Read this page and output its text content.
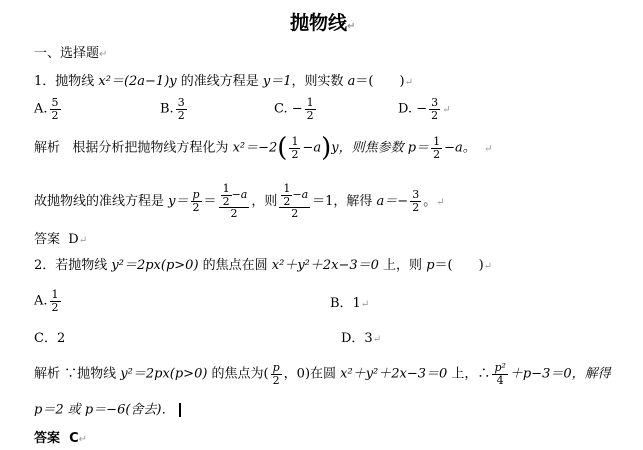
抛物线↵
一、选择题↵
1．抛物线 x²＝(2a−1)y 的准线方程是 y＝1，则实数 a＝(　　)↵
A. $\frac{5}{2}$	B. $\frac{3}{2}$	C. − $\frac{1}{2}$	D. − $\frac{3}{2}$ ↵
解析 根据分析把抛物线方程化为 $x^2=-2( \frac{1}{2} -a)y$，则焦参数 $p= \frac{1}{2} -a$。 ↵
故抛物线的准线方程是 $y= \frac{p}{2} = \frac{\frac{1}{2} -a}{2}$ ，则 $\frac{\frac{1}{2} -a}{2} =1$，解得 $a=- \frac{3}{2}$ 。↵
答案 D↵
2．若抛物线 y²＝2px(p>0) 的焦点在圆 x²＋y²＋2x−3＝0 上，则 p＝(　　)↵
A. $\frac{1}{2}$	B．1↵
C．2	D．3↵
解析 ∵抛物线 y²＝2px(p>0) 的焦点为( $\frac{p}{2}$ ，0)在圆 x²＋y²＋2x−3＝0 上，∴ $\frac{\text{p²}}{4} +p-3=0$，解得
p＝2 或 p＝−6(舍去)．
答案 C↵
